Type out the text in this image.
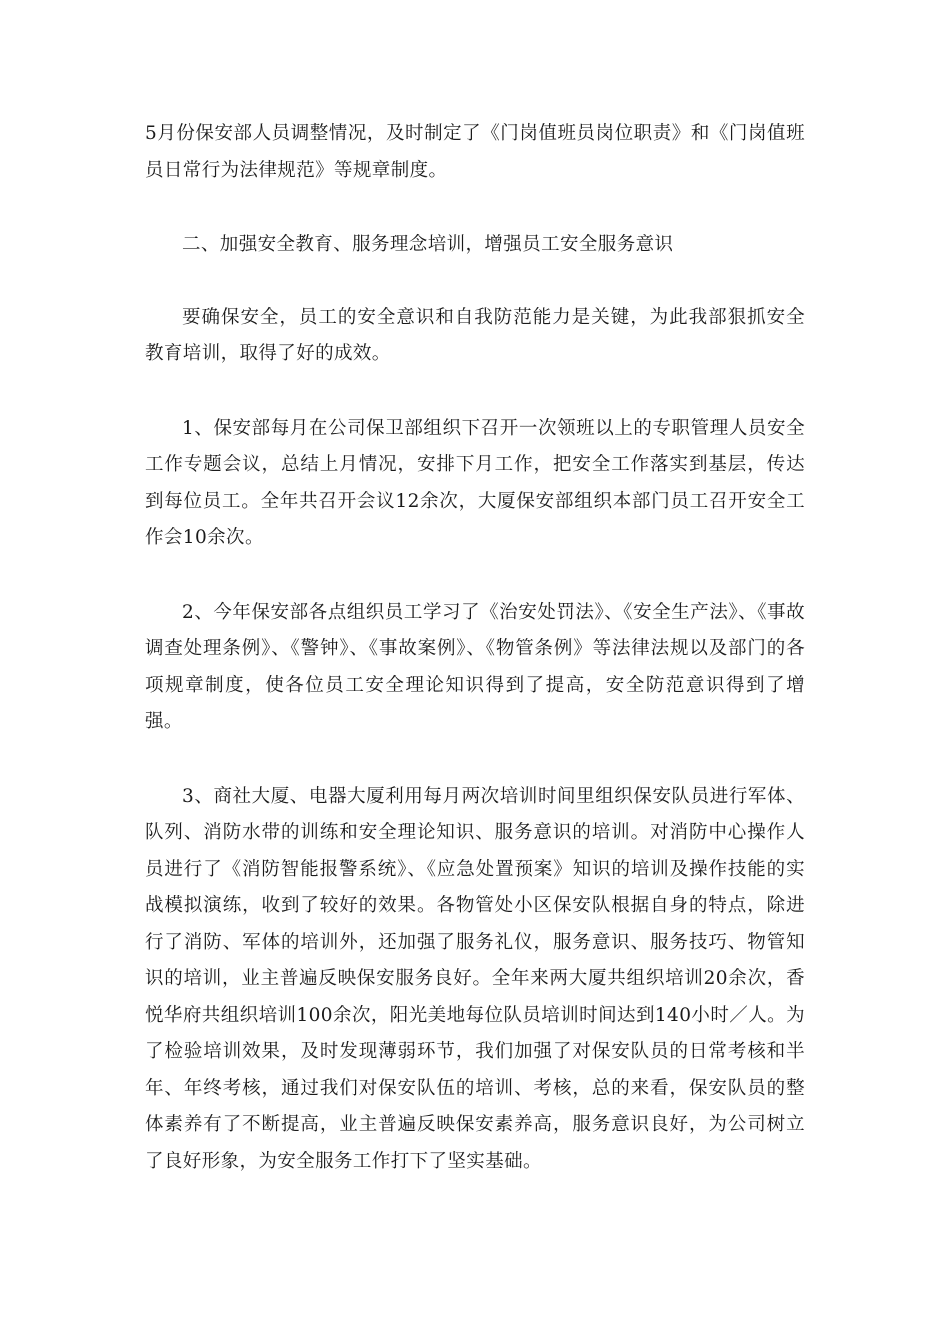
5月份保安部人员调整情况，及时制定了《门岗值班员岗位职责》和《门岗值班员日常行为法律规范》等规章制度。

二、加强安全教育、服务理念培训，增强员工安全服务意识

要确保安全，员工的安全意识和自我防范能力是关键，为此我部狠抓安全教育培训，取得了好的成效。

1、保安部每月在公司保卫部组织下召开一次领班以上的专职管理人员安全工作专题会议，总结上月情况，安排下月工作，把安全工作落实到基层，传达到每位员工。全年共召开会议12余次，大厦保安部组织本部门员工召开安全工作会10余次。

2、今年保安部各点组织员工学习了《治安处罚法》、《安全生产法》、《事故调查处理条例》、《警钟》、《事故案例》、《物管条例》等法律法规以及部门的各项规章制度，使各位员工安全理论知识得到了提高，安全防范意识得到了增强。

3、商社大厦、电器大厦利用每月两次培训时间里组织保安队员进行军体、队列、消防水带的训练和安全理论知识、服务意识的培训。对消防中心操作人员进行了《消防智能报警系统》、《应急处置预案》知识的培训及操作技能的实战模拟演练，收到了较好的效果。各物管处小区保安队根据自身的特点，除进行了消防、军体的培训外，还加强了服务礼仪，服务意识、服务技巧、物管知识的培训，业主普遍反映保安服务良好。全年来两大厦共组织培训20余次，香悦华府共组织培训100余次，阳光美地每位队员培训时间达到140小时／人。为了检验培训效果，及时发现薄弱环节，我们加强了对保安队员的日常考核和半年、年终考核，通过我们对保安队伍的培训、考核，总的来看，保安队员的整体素养有了不断提高，业主普遍反映保安素养高，服务意识良好，为公司树立了良好形象，为安全服务工作打下了坚实基础。
